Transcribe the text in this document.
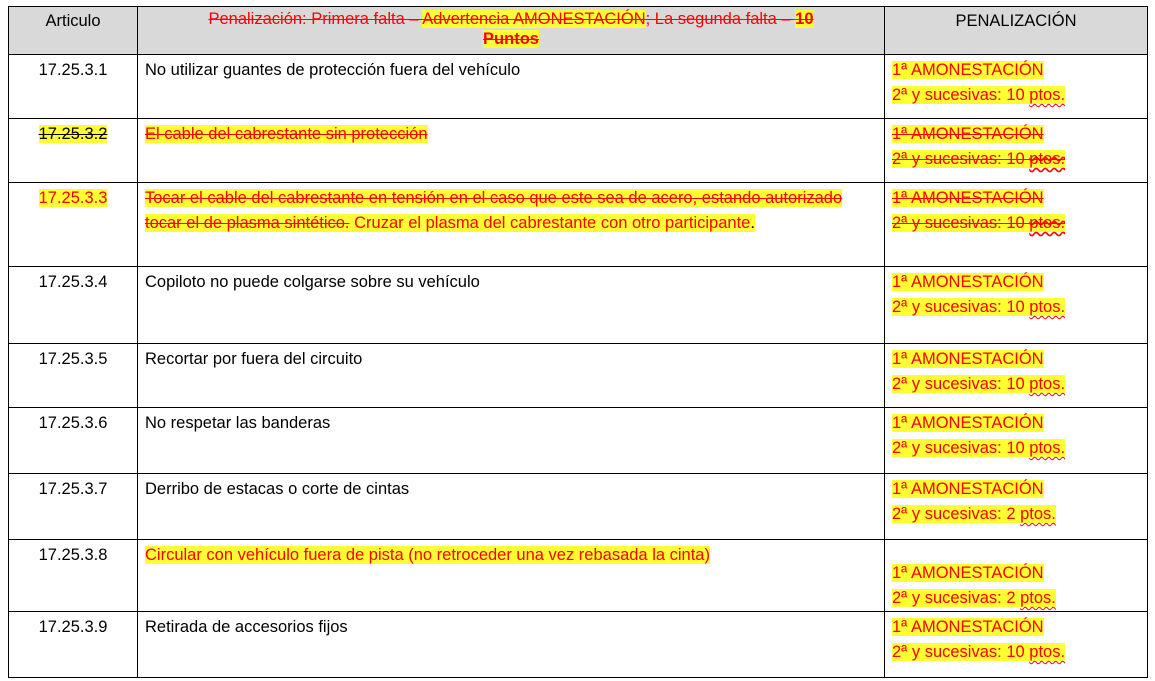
Articulo	Penalización: Primera falta – Advertencia AMONESTACIÓN; La segunda falta – 10
Puntos	PENALIZACIÓN
17.25.3.1	No utilizar guantes de protección fuera del vehículo	1ª AMONESTACIÓN
2ª y sucesivas: 10 ptos.

17.25.3.2	El cable del cabrestante sin protección	1ª AMONESTACIÓN
2ª y sucesivas: 10 ptos.

17.25.3.3	Tocar el cable del cabrestante en tensión en el caso que este sea de acero, estando autorizado tocar el de plasma sintético. Cruzar el plasma del cabrestante con otro participante.	1ª AMONESTACIÓN
2ª y sucesivas: 10 ptos.

17.25.3.4	Copiloto no puede colgarse sobre su vehículo	1ª AMONESTACIÓN
2ª y sucesivas: 10 ptos.

17.25.3.5	Recortar por fuera del circuito	1ª AMONESTACIÓN
2ª y sucesivas: 10 ptos.

17.25.3.6	No respetar las banderas	1ª AMONESTACIÓN
2ª y sucesivas: 10 ptos.

17.25.3.7	Derribo de estacas o corte de cintas	1ª AMONESTACIÓN
2ª y sucesivas: 2 ptos.

17.25.3.8	Circular con vehículo fuera de pista (no retroceder una vez rebasada la cinta)	1ª AMONESTACIÓN
2ª y sucesivas: 2 ptos.

17.25.3.9	Retirada de accesorios fijos	1ª AMONESTACIÓN
2ª y sucesivas: 10 ptos.
